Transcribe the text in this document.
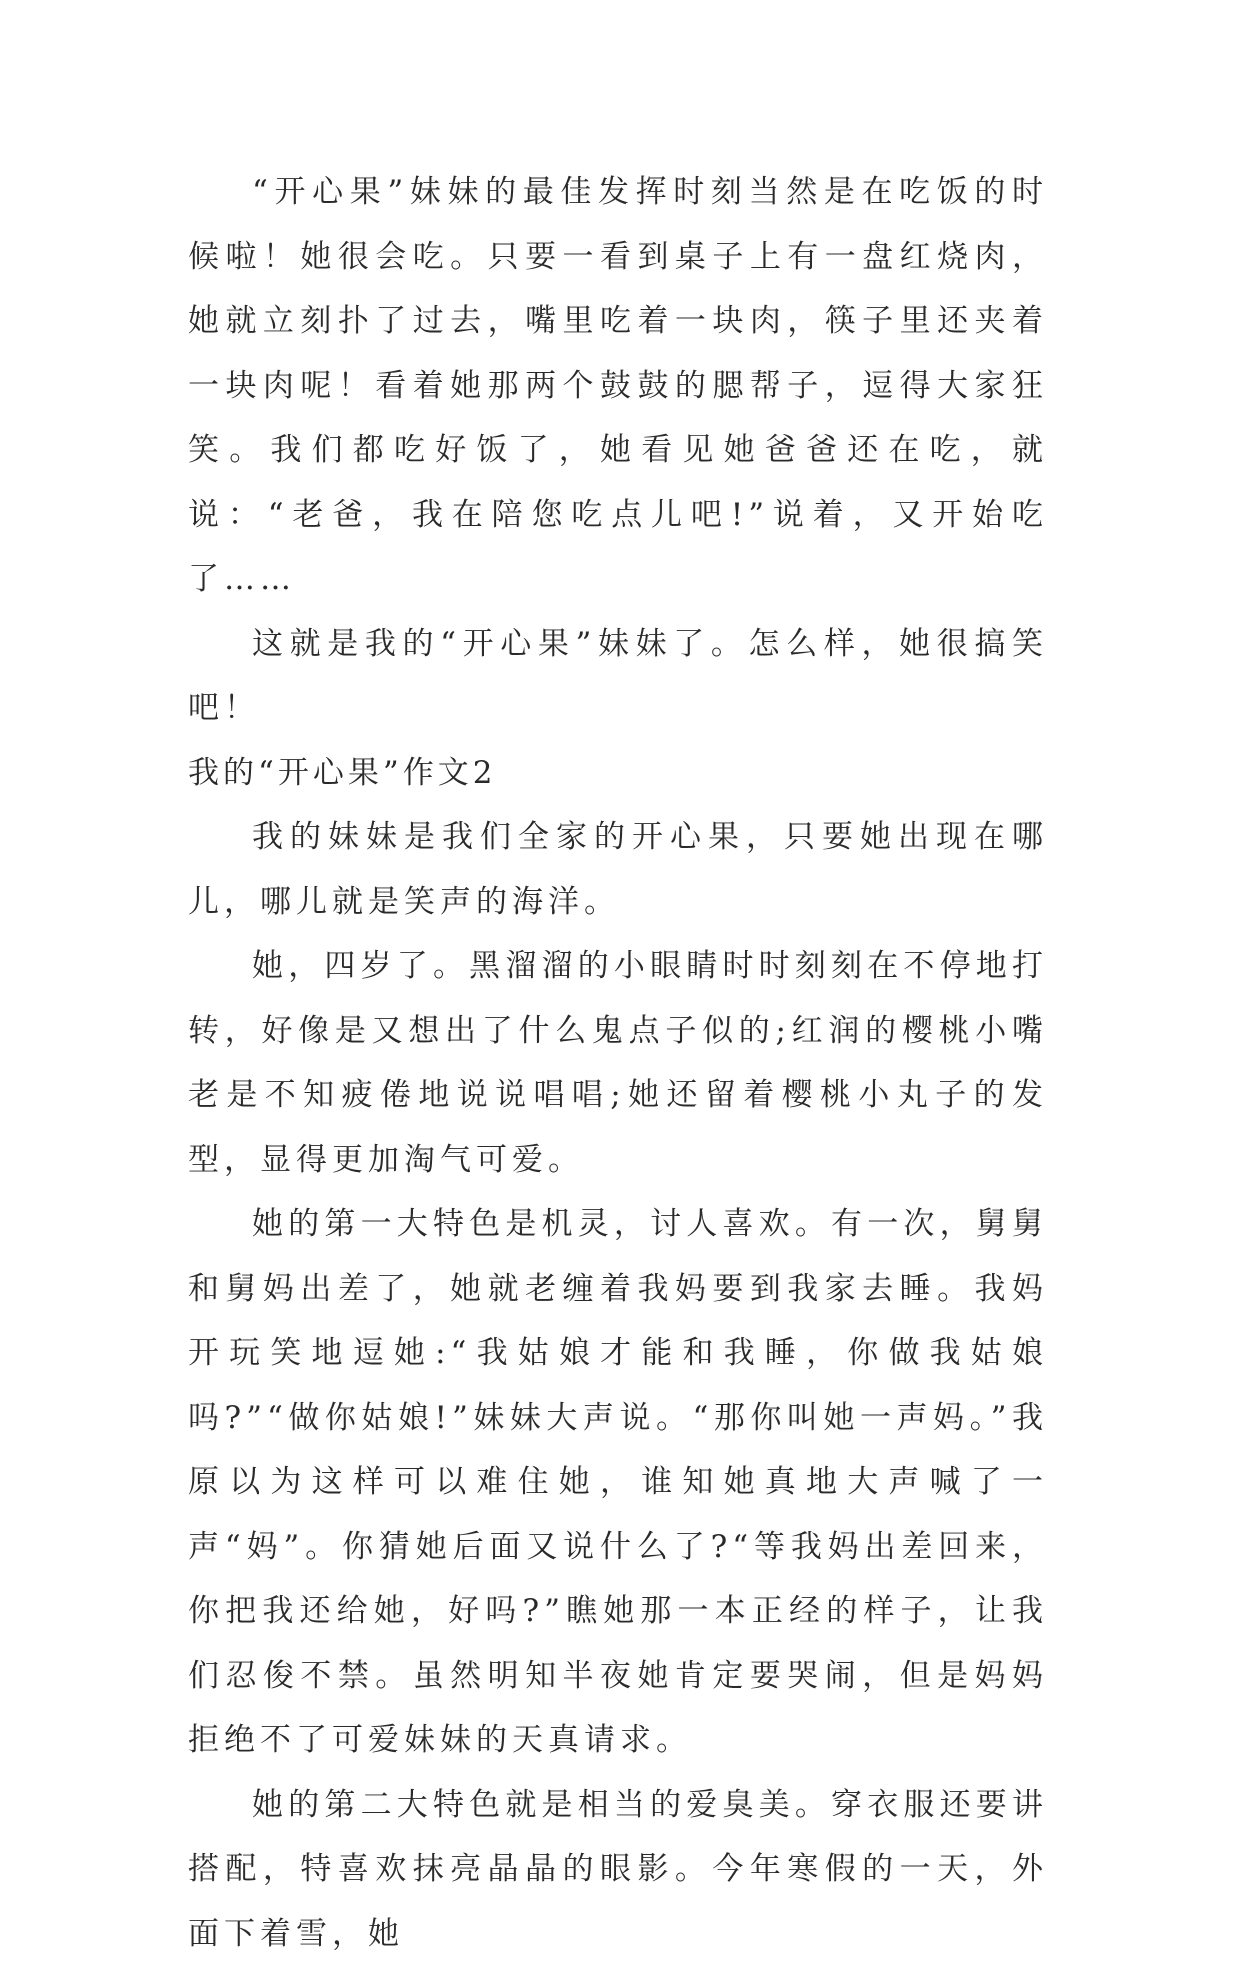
“开心果”妹妹的最佳发挥时刻当然是在吃饭的时候啦！她很会吃。只要一看到桌子上有一盘红烧肉，她就立刻扑了过去，嘴里吃着一块肉，筷子里还夹着一块肉呢！看着她那两个鼓鼓的腮帮子，逗得大家狂笑。我们都吃好饭了，她看见她爸爸还在吃，就说：“老爸，我在陪您吃点儿吧!”说着，又开始吃了……

这就是我的“开心果”妹妹了。怎么样，她很搞笑吧！

我的“开心果”作文2

我的妹妹是我们全家的开心果，只要她出现在哪儿，哪儿就是笑声的海洋。

她，四岁了。黑溜溜的小眼睛时时刻刻在不停地打转，好像是又想出了什么鬼点子似的;红润的樱桃小嘴老是不知疲倦地说说唱唱;她还留着樱桃小丸子的发型，显得更加淘气可爱。

她的第一大特色是机灵，讨人喜欢。有一次，舅舅和舅妈出差了，她就老缠着我妈要到我家去睡。我妈开玩笑地逗她:“我姑娘才能和我睡，你做我姑娘吗?”“做你姑娘!”妹妹大声说。“那你叫她一声妈。”我原以为这样可以难住她，谁知她真地大声喊了一声“妈”。你猜她后面又说什么了?“等我妈出差回来，你把我还给她，好吗?”瞧她那一本正经的样子，让我们忍俊不禁。虽然明知半夜她肯定要哭闹，但是妈妈拒绝不了可爱妹妹的天真请求。

她的第二大特色就是相当的爱臭美。穿衣服还要讲搭配，特喜欢抹亮晶晶的眼影。今年寒假的一天，外面下着雪，她
